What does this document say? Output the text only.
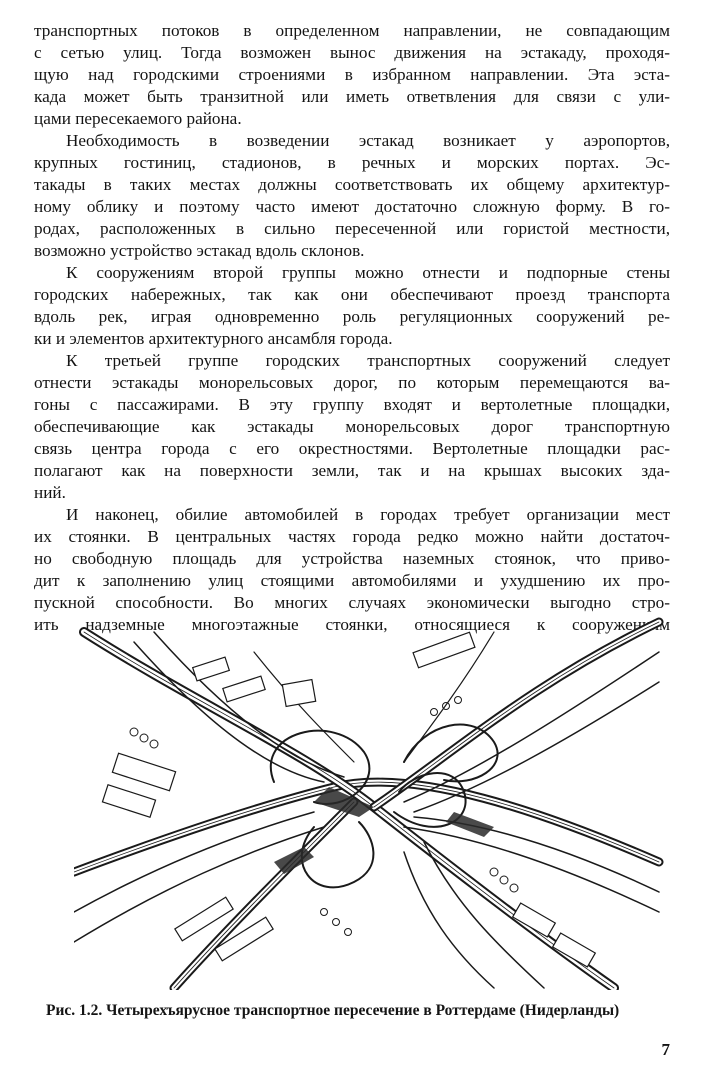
транспортных потоков в определенном направлении, не совпадающим
с сетью улиц. Тогда возможен вынос движения на эстакаду, проходя-
щую над городскими строениями в избранном направлении. Эта эста-
када может быть транзитной или иметь ответвления для связи с ули-
цами пересекаемого района.
Необходимость в возведении эстакад возникает у аэропортов,
крупных гостиниц, стадионов, в речных и морских портах. Эс-
такады в таких местах должны соответствовать их общему архитектур-
ному облику и поэтому часто имеют достаточно сложную форму. В го-
родах, расположенных в сильно пересеченной или гористой местности,
возможно устройство эстакад вдоль склонов.
К сооружениям второй группы можно отнести и подпорные стены
городских набережных, так как они обеспечивают проезд транспорта
вдоль рек, играя одновременно роль регуляционных сооружений ре-
ки и элементов архитектурного ансамбля города.
К третьей группе городских транспортных сооружений следует
отнести эстакады монорельсовых дорог, по которым перемещаются ва-
гоны с пассажирами. В эту группу входят и вертолетные площадки,
обеспечивающие как эстакады монорельсовых дорог транспортную
связь центра города с его окрестностями. Вертолетные площадки рас-
полагают как на поверхности земли, так и на крышах высоких зда-
ний.
И наконец, обилие автомобилей в городах требует организации мест
их стоянки. В центральных частях города редко можно найти достаточ-
но свободную площадь для устройства наземных стоянок, что приво-
дит к заполнению улиц стоящими автомобилями и ухудшению их про-
пускной способности. Во многих случаях экономически выгодно стро-
ить надземные многоэтажные стоянки, относящиеся к сооружениям
Рис. 1.2. Четырехъярусное транспортное пересечение в Роттердаме (Нидерланды)
7
